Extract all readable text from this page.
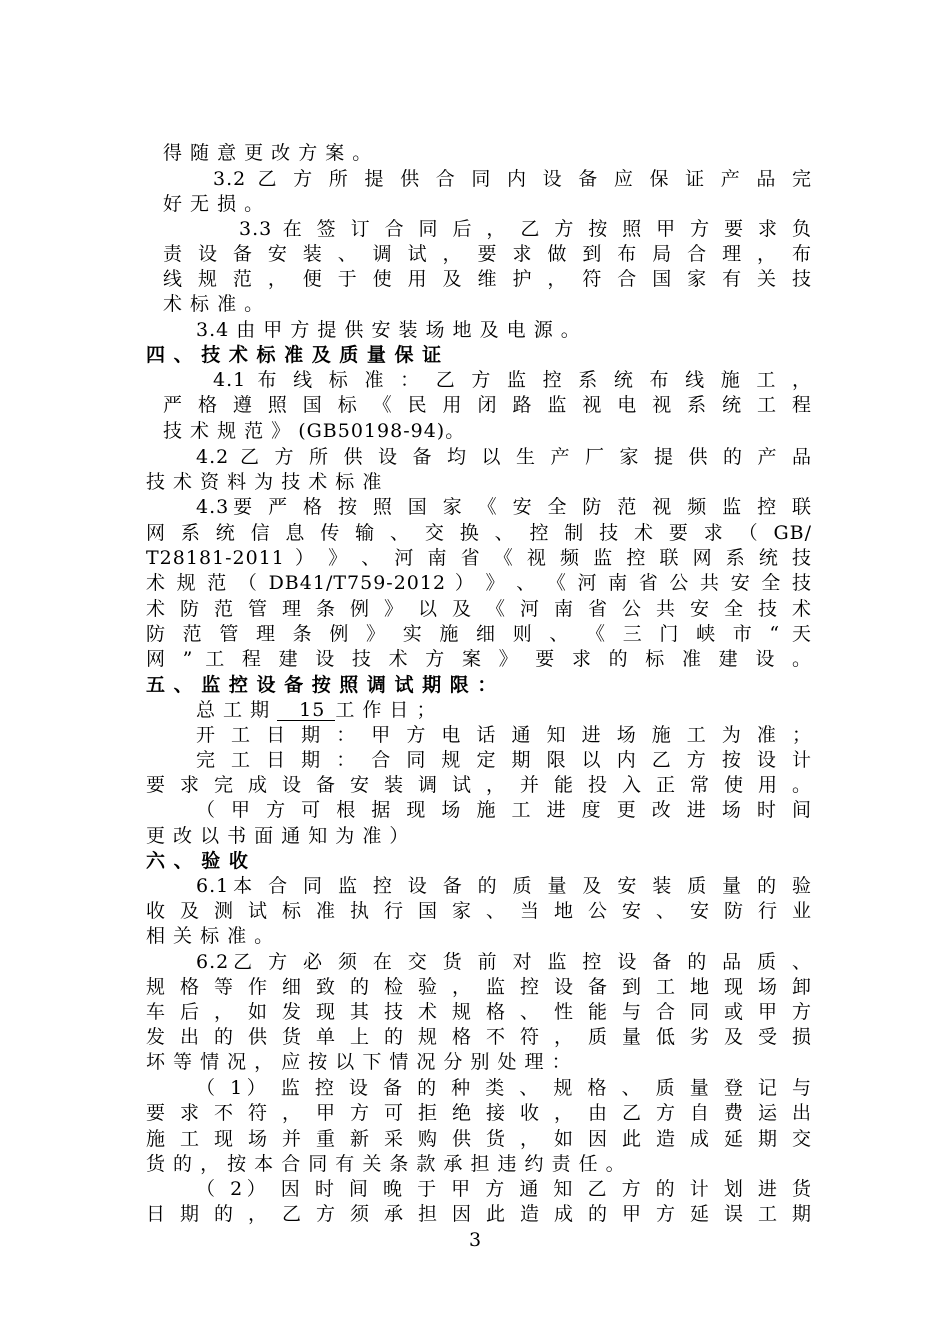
得 随 意 更 改 方 案 。
3.2 乙 方 所 提 供 合 同 内 设 备 应 保 证 产 品 完
好 无 损 。
3.3 在 签 订 合 同 后 ， 乙 方 按 照 甲 方 要 求 负
责 设 备 安 装 、 调 试 ， 要 求 做 到 布 局 合 理 ， 布
线 规 范 ， 便 于 使 用 及 维 护 ， 符 合 国 家 有 关 技
术 标 准 。
3.4 由 甲 方 提 供 安 装 场 地 及 电 源 。
四 、 技 术 标 准 及 质 量 保 证
4.1 布 线 标 准 ： 乙 方 监 控 系 统 布 线 施 工 ，
严 格 遵 照 国 标 《 民 用 闭 路 监 视 电 视 系 统 工 程
技 术 规 范 》 (GB50198-94)。
4.2 乙 方 所 供 设 备 均 以 生 产 厂 家 提 供 的 产 品
技 术 资 料 为 技 术 标 准
4.3要 严 格 按 照 国 家 《 安 全 防 范 视 频 监 控 联
网 系 统 信 息 传 输 、 交 换 、 控 制 技 术 要 求 （ GB/
T28181-2011 ） 》 、 河 南 省 《 视 频 监 控 联 网 系 统 技
术 规 范 （ DB41/T759-2012 ） 》 、 《 河 南 省 公 共 安 全 技
术 防 范 管 理 条 例 》 以 及 《 河 南 省 公 共 安 全 技 术
防 范 管 理 条 例 》 实 施 细 则 、 《 三 门 峡 市 “ 天
网 ” 工 程 建 设 技 术 方 案 》 要 求 的 标 准 建 设 。
五 、 监 控 设 备 按 照 调 试 期 限 ：
总 工 期 15 工 作 日 ；
开 工 日 期 ： 甲 方 电 话 通 知 进 场 施 工 为 准 ；
完 工 日 期 ： 合 同 规 定 期 限 以 内 乙 方 按 设 计
要 求 完 成 设 备 安 装 调 试 ， 并 能 投 入 正 常 使 用 。
（ 甲 方 可 根 据 现 场 施 工 进 度 更 改 进 场 时 间
更 改 以 书 面 通 知 为 准 ）
六 、 验 收
6.1本 合 同 监 控 设 备 的 质 量 及 安 装 质 量 的 验
收 及 测 试 标 准 执 行 国 家 、 当 地 公 安 、 安 防 行 业
相 关 标 准 。
6.2乙 方 必 须 在 交 货 前 对 监 控 设 备 的 品 质 、
规 格 等 作 细 致 的 检 验 ， 监 控 设 备 到 工 地 现 场 卸
车 后 ， 如 发 现 其 技 术 规 格 、 性 能 与 合 同 或 甲 方
发 出 的 供 货 单 上 的 规 格 不 符 ， 质 量 低 劣 及 受 损
坏 等 情 况 ， 应 按 以 下 情 况 分 别 处 理 ：
（ 1） 监 控 设 备 的 种 类 、 规 格 、 质 量 登 记 与
要 求 不 符 ， 甲 方 可 拒 绝 接 收 ， 由 乙 方 自 费 运 出
施 工 现 场 并 重 新 采 购 供 货 ， 如 因 此 造 成 延 期 交
货 的 ， 按 本 合 同 有 关 条 款 承 担 违 约 责 任 。
（ 2） 因 时 间 晚 于 甲 方 通 知 乙 方 的 计 划 进 货
日 期 的 ， 乙 方 须 承 担 因 此 造 成 的 甲 方 延 误 工 期
3
